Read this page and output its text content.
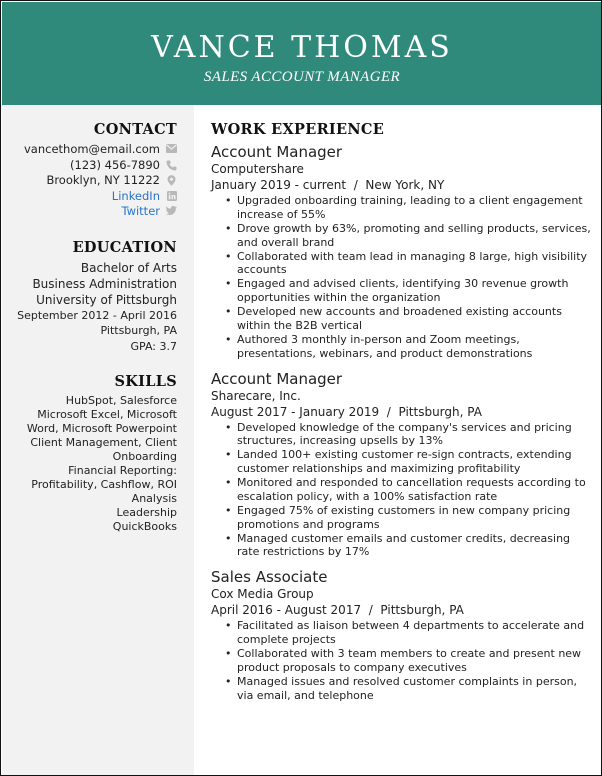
VANCE THOMAS
SALES ACCOUNT MANAGER
CONTACT
vancethom@email.com
(123) 456-7890
Brooklyn, NY 11222
LinkedIn
Twitter
EDUCATION
Bachelor of Arts
Business Administration
University of Pittsburgh
September 2012 - April 2016
Pittsburgh, PA
GPA: 3.7
SKILLS
HubSpot, Salesforce
Microsoft Excel, Microsoft Word, Microsoft Powerpoint
Client Management, Client Onboarding
Financial Reporting: Profitability, Cashflow, ROI Analysis
Leadership
QuickBooks
WORK EXPERIENCE
Account Manager
Computershare
January 2019 - current / New York, NY
• Upgraded onboarding training, leading to a client engagement increase of 55%
• Drove growth by 63%, promoting and selling products, services, and overall brand
• Collaborated with team lead in managing 8 large, high visibility accounts
• Engaged and advised clients, identifying 30 revenue growth opportunities within the organization
• Developed new accounts and broadened existing accounts within the B2B vertical
• Authored 3 monthly in-person and Zoom meetings, presentations, webinars, and product demonstrations
Account Manager
Sharecare, Inc.
August 2017 - January 2019 / Pittsburgh, PA
• Developed knowledge of the company's services and pricing structures, increasing upsells by 13%
• Landed 100+ existing customer re-sign contracts, extending customer relationships and maximizing profitability
• Monitored and responded to cancellation requests according to escalation policy, with a 100% satisfaction rate
• Engaged 75% of existing customers in new company pricing promotions and programs
• Managed customer emails and customer credits, decreasing rate restrictions by 17%
Sales Associate
Cox Media Group
April 2016 - August 2017 / Pittsburgh, PA
• Facilitated as liaison between 4 departments to accelerate and complete projects
• Collaborated with 3 team members to create and present new product proposals to company executives
• Managed issues and resolved customer complaints in person, via email, and telephone
